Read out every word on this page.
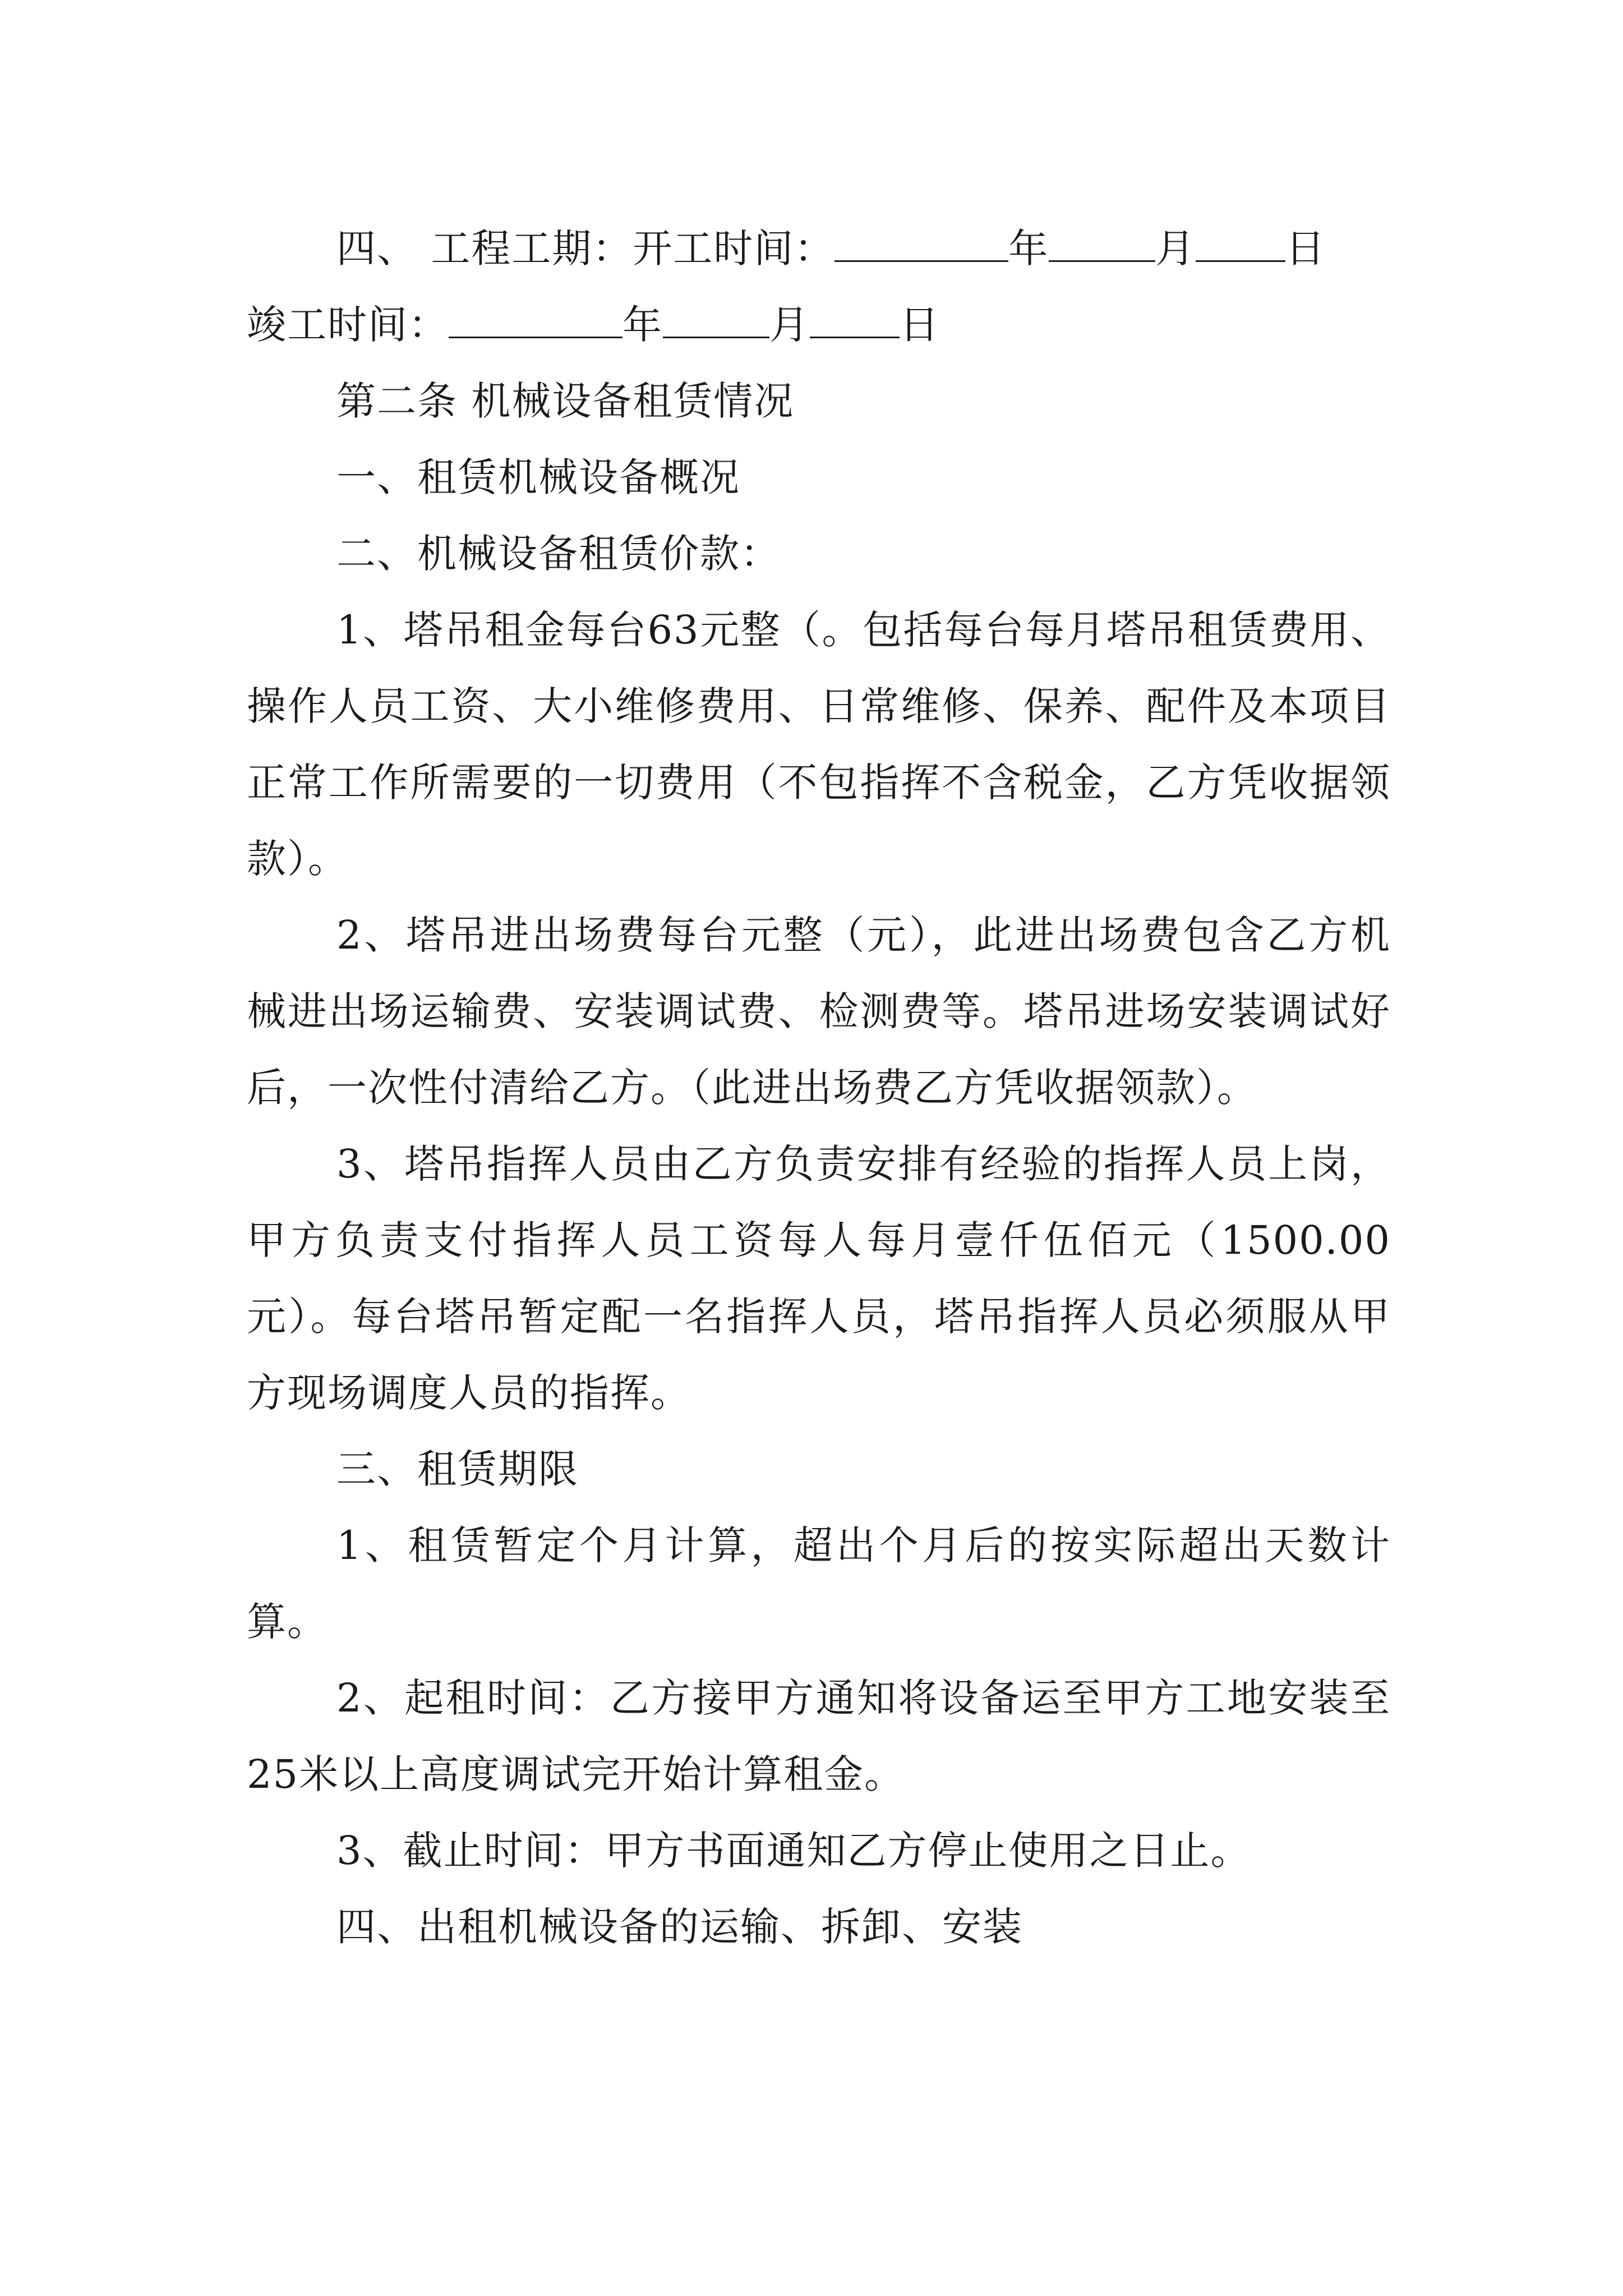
四、 工程工期：开工时间：	年	月 日
竣工时间：	年	月 日
第二条 机械设备租赁情况
一、租赁机械设备概况
二、机械设备租赁价款：

1、塔吊租金每台63元整（。包括每台每月塔吊租赁费用、操作人员工资、大小维修费用、日常维修、保养、配件及本项目正常工作所需要的一切费用（不包指挥不含税金，乙方凭收据领款）。

2、塔吊进出场费每台元整（元），此进出场费包含乙方机械进出场运输费、安装调试费、检测费等。塔吊进场安装调试好后，一次性付清给乙方。（此进出场费乙方凭收据领款）。

3、塔吊指挥人员由乙方负责安排有经验的指挥人员上岗，甲方负责支付指挥人员工资每人每月壹仟伍佰元（1500.00元）。每台塔吊暂定配一名指挥人员，塔吊指挥人员必须服从甲方现场调度人员的指挥。

三、租赁期限

1、租赁暂定个月计算，超出个月后的按实际超出天数计算。

2、起租时间：乙方接甲方通知将设备运至甲方工地安装至25米以上高度调试完开始计算租金。

3、截止时间：甲方书面通知乙方停止使用之日止。

四、出租机械设备的运输、拆卸、安装
